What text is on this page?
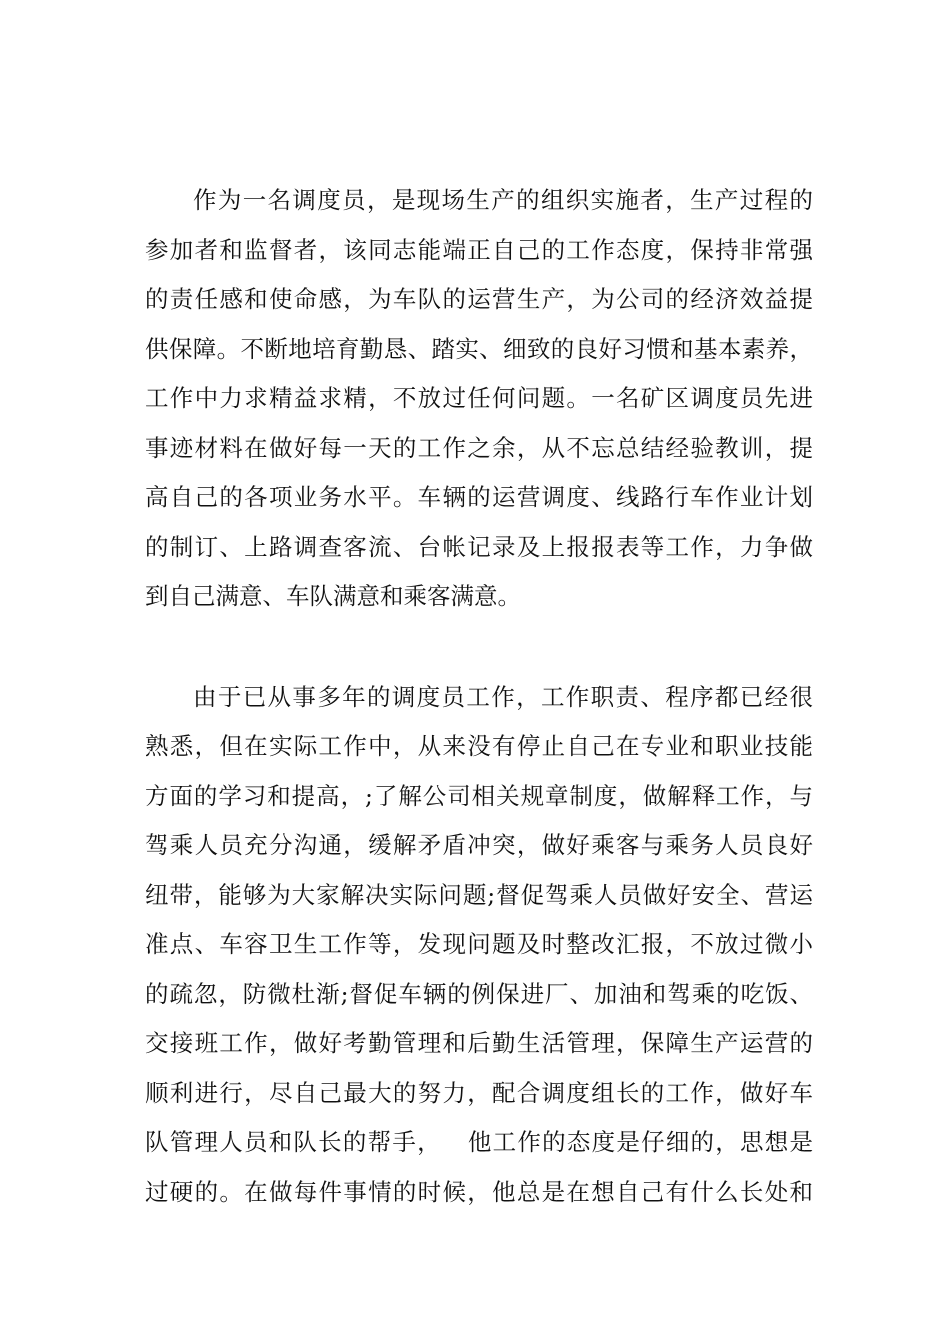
作为一名调度员，是现场生产的组织实施者，生产过程的
参加者和监督者，该同志能端正自己的工作态度，保持非常强
的责任感和使命感，为车队的运营生产，为公司的经济效益提
供保障。不断地培育勤恳、踏实、细致的良好习惯和基本素养，
工作中力求精益求精，不放过任何问题。一名矿区调度员先进
事迹材料在做好每一天的工作之余，从不忘总结经验教训，提
高自己的各项业务水平。车辆的运营调度、线路行车作业计划
的制订、上路调查客流、台帐记录及上报报表等工作，力争做
到自己满意、车队满意和乘客满意。
由于已从事多年的调度员工作，工作职责、程序都已经很
熟悉，但在实际工作中，从来没有停止自己在专业和职业技能
方面的学习和提高，;了解公司相关规章制度，做解释工作，与
驾乘人员充分沟通，缓解矛盾冲突，做好乘客与乘务人员良好
纽带，能够为大家解决实际问题;督促驾乘人员做好安全、营运
准点、车容卫生工作等，发现问题及时整改汇报，不放过微小
的疏忽，防微杜渐;督促车辆的例保进厂、加油和驾乘的吃饭、
交接班工作，做好考勤管理和后勤生活管理，保障生产运营的
顺利进行，尽自己最大的努力，配合调度组长的工作，做好车
队管理人员和队长的帮手，   他工作的态度是仔细的，思想是
过硬的。在做每件事情的时候，他总是在想自己有什么长处和
